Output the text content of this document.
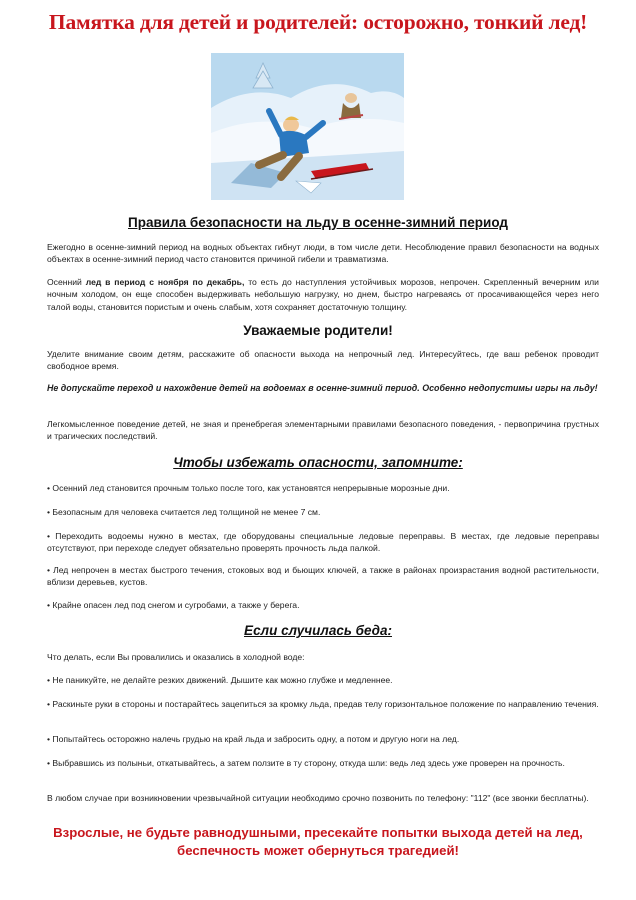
Памятка для детей и родителей: осторожно, тонкий лед!
Правила безопасности на льду в осенне-зимний период
Ежегодно в осенне-зимний период на водных объектах гибнут люди, в том числе дети. Несоблюдение правил безопасности на водных объектах в осенне-зимний период часто становится причиной гибели и травматизма.
Осенний лед в период с ноября по декабрь, то есть до наступления устойчивых морозов, непрочен. Скрепленный вечерним или ночным холодом, он еще способен выдерживать небольшую нагрузку, но днем, быстро нагреваясь от просачивающейся через него талой воды, становится пористым и очень слабым, хотя сохраняет достаточную толщину.
Уважаемые родители!
Уделите внимание своим детям, расскажите об опасности выхода на непрочный лед. Интересуйтесь, где ваш ребенок проводит свободное время.
Не допускайте переход и нахождение детей на водоемах в осенне-зимний период. Особенно недопустимы игры на льду!
Легкомысленное поведение детей, не зная и пренебрегая элементарными правилами безопасного поведения, - первопричина грустных и трагических последствий.
Чтобы избежать опасности, запомните:
• Осенний лед становится прочным только после того, как установятся непрерывные морозные дни.
• Безопасным для человека считается лед толщиной не менее 7 см.
• Переходить водоемы нужно в местах, где оборудованы специальные ледовые переправы. В местах, где ледовые переправы отсутствуют, при переходе следует обязательно проверять прочность льда палкой.
• Лед непрочен в местах быстрого течения, стоковых вод и бьющих ключей, а также в районах произрастания водной растительности, вблизи деревьев, кустов.
• Крайне опасен лед под снегом и сугробами, а также у берега.
Если случилась беда:
Что делать, если Вы провалились и оказались в холодной воде:
• Не паникуйте, не делайте резких движений. Дышите как можно глубже и медленнее.
• Раскиньте руки в стороны и постарайтесь зацепиться за кромку льда, предав телу горизонтальное положение по направлению течения.
• Попытайтесь осторожно налечь грудью на край льда и забросить одну, а потом и другую ноги на лед.
• Выбравшись из полыньи, откатывайтесь, а затем ползите в ту сторону, откуда шли: ведь лед здесь уже проверен на прочность.
В любом случае при возникновении чрезвычайной ситуации необходимо срочно позвонить по телефону: "112" (все звонки бесплатны).
Взрослые, не будьте равнодушными, пресекайте попытки выхода детей на лед,
беспечность может обернуться трагедией!
